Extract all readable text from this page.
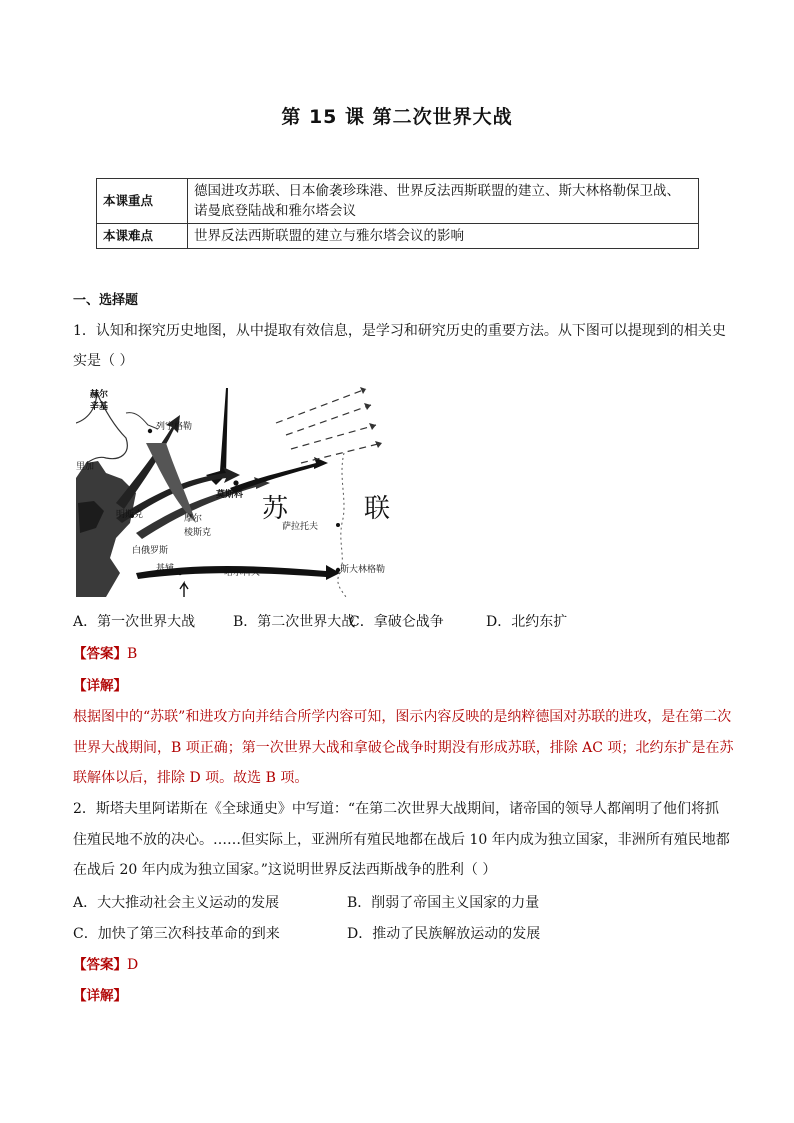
第 15 课 第二次世界大战
本课重点	德国进攻苏联、日本偷袭珍珠港、世界反法西斯联盟的建立、斯大林格勒保卫战、
诺曼底登陆战和雅尔塔会议

本课难点	世界反法西斯联盟的建立与雅尔塔会议的影响
一、选择题
1．认知和探究历史地图，从中提取有效信息，是学习和研究历史的重要方法。从下图可以提现到的相关史
实是（ ）
赫尔
辛基
列宁格勒
里加
明斯克
莫斯科
摩尔
棱斯克
萨拉托夫
白俄罗斯
基辅	哈尔科夫	斯大林格勒
苏	联
A．第一次世界大战	B．第二次世界大战C．拿破仑战争	D．北约东扩
【答案】B
【详解】
根据图中的“苏联”和进攻方向并结合所学内容可知，图示内容反映的是纳粹德国对苏联的进攻，是在第二次
世界大战期间，B 项正确；第一次世界大战和拿破仑战争时期没有形成苏联，排除 AC 项；北约东扩是在苏
联解体以后，排除 D 项。故选 B 项。
2．斯塔夫里阿诺斯在《全球通史》中写道：“在第二次世界大战期间，诸帝国的领导人都阐明了他们将抓
住殖民地不放的决心。……但实际上，亚洲所有殖民地都在战后 10 年内成为独立国家，非洲所有殖民地都
在战后 20 年内成为独立国家。”这说明世界反法西斯战争的胜利（ ）
A．大大推动社会主义运动的发展	B．削弱了帝国主义国家的力量
C．加快了第三次科技革命的到来	D．推动了民族解放运动的发展
【答案】D
【详解】
